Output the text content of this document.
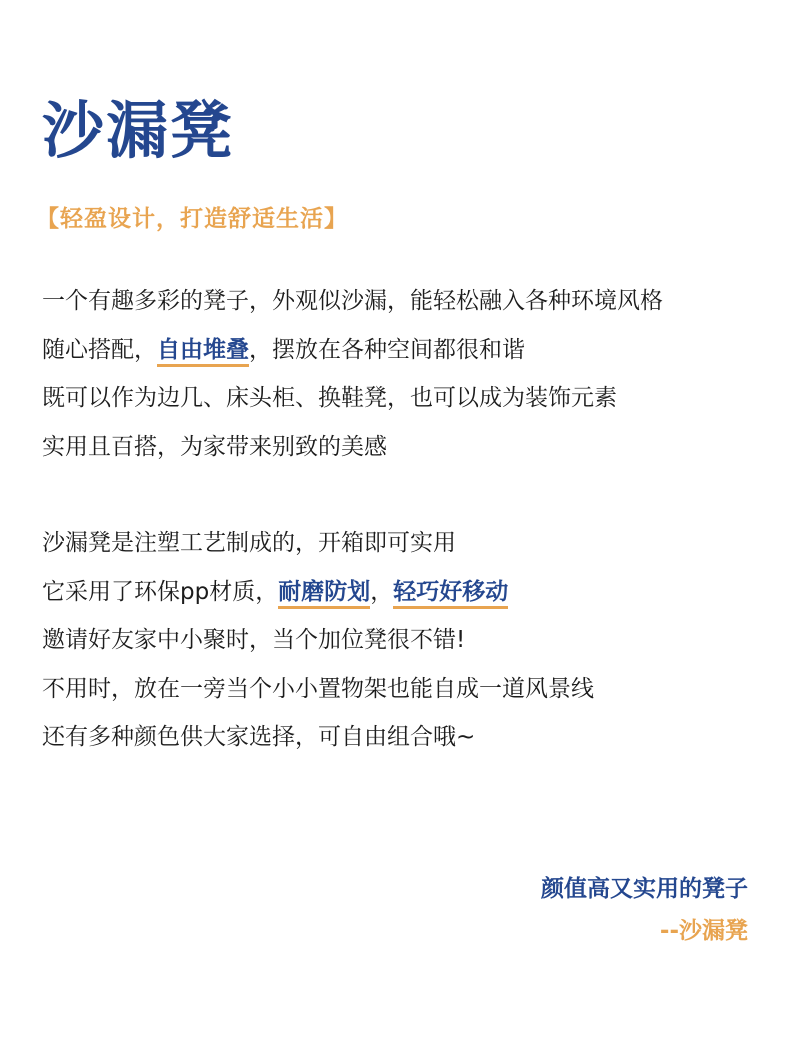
沙漏凳
【轻盈设计，打造舒适生活】
一个有趣多彩的凳子，外观似沙漏，能轻松融入各种环境风格
随心搭配，自由堆叠，摆放在各种空间都很和谐
既可以作为边几、床头柜、换鞋凳，也可以成为装饰元素
实用且百搭，为家带来别致的美感
沙漏凳是注塑工艺制成的，开箱即可实用
它采用了环保pp材质，耐磨防划，轻巧好移动
邀请好友家中小聚时，当个加位凳很不错!
不用时，放在一旁当个小小置物架也能自成一道风景线
还有多种颜色供大家选择，可自由组合哦~
颜值高又实用的凳子
--沙漏凳
